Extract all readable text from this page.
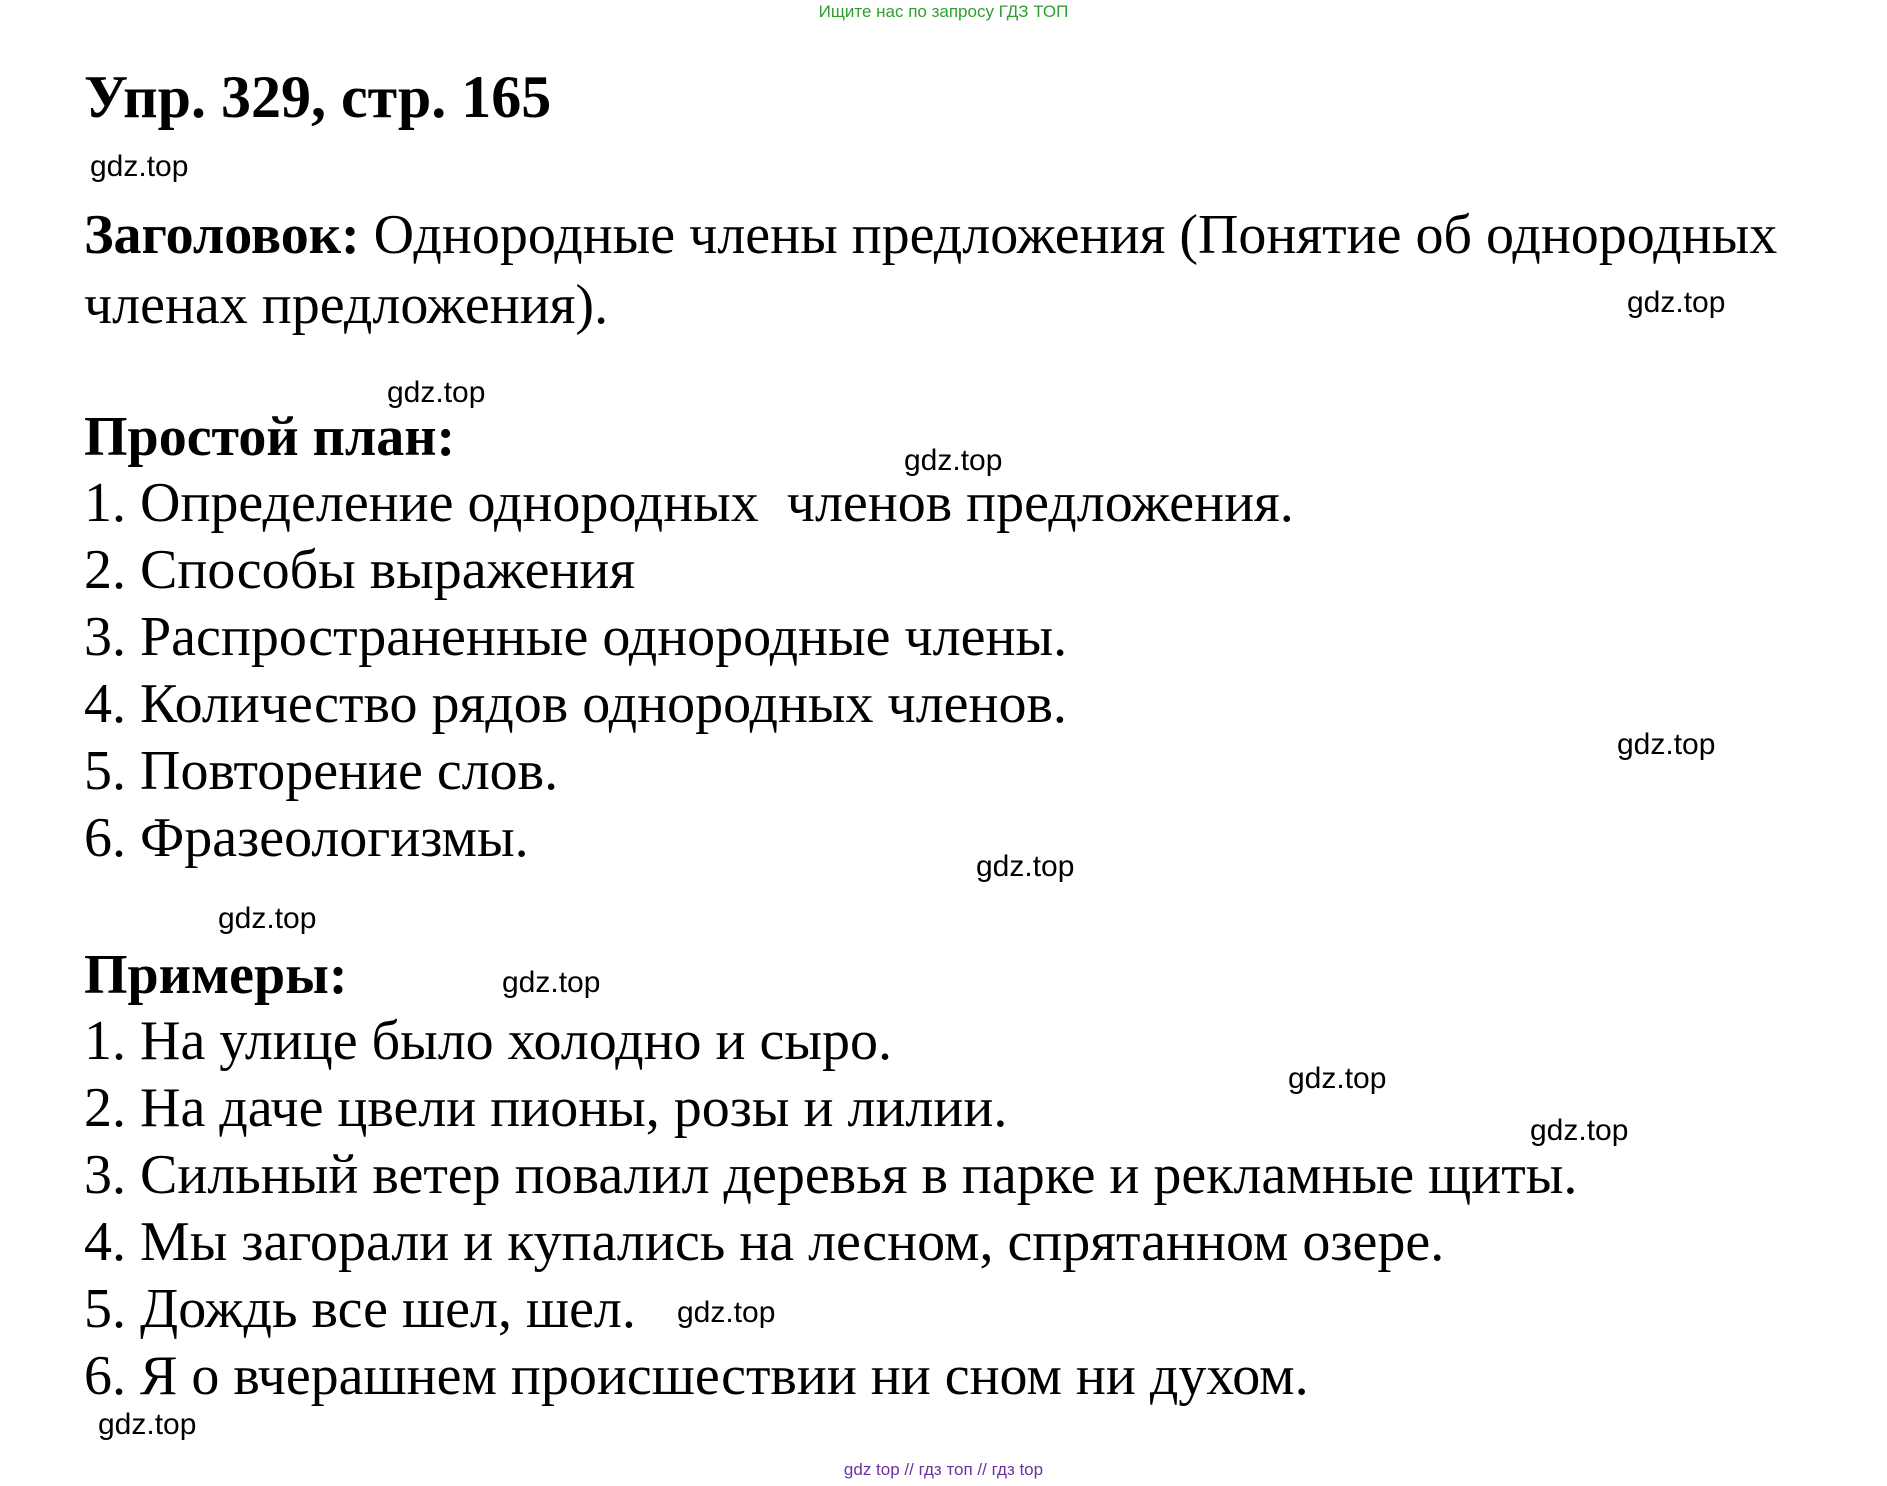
Ищите нас по запросу ГДЗ ТОП
Упр. 329, стр. 165
Заголовок: Однородные члены предложения (Понятие об однородных членах предложения).
Простой план:
1. Определение однородных  членов предложения.
2. Способы выражения
3. Распространенные однородные члены.
4. Количество рядов однородных членов.
5. Повторение слов.
6. Фразеологизмы.
Примеры:
1. На улице было холодно и сыро.
2. На даче цвели пионы, розы и лилии.
3. Сильный ветер повалил деревья в парке и рекламные щиты.
4. Мы загорали и купались на лесном, спрятанном озере.
5. Дождь все шел, шел.
6. Я о вчерашнем происшествии ни сном ни духом.
gdz.top
gdz.top
gdz.top
gdz.top
gdz.top
gdz.top
gdz.top
gdz.top
gdz.top
gdz.top
gdz.top
gdz.top
gdz top // гдз топ // гдз top
